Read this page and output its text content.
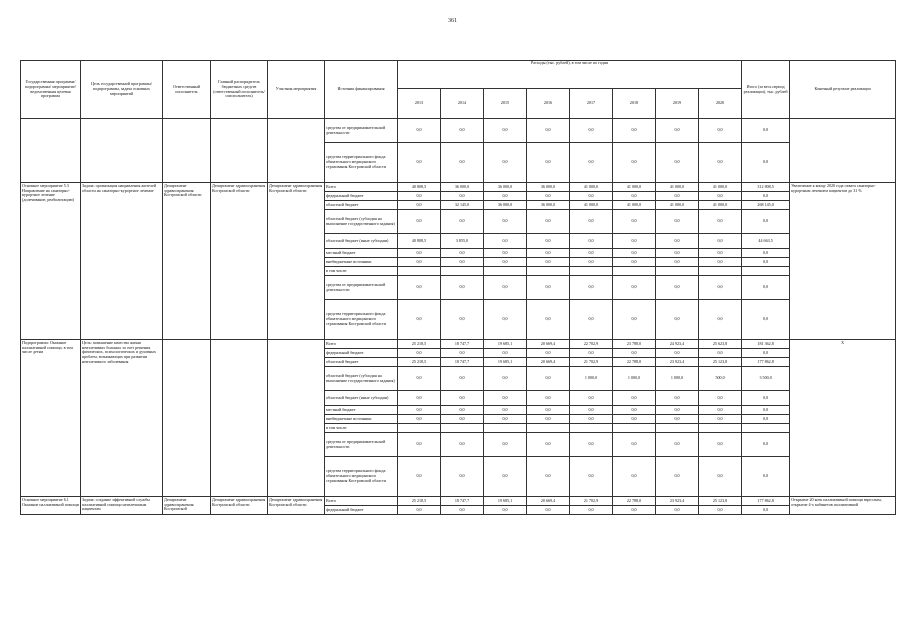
361
Государственная программа/подпрограмма/ мероприятие/ ведомственная целевая программа	Цель государственной программы/подпрограммы, задача основных мероприятий	Ответственный исполнитель	Главный распорядитель бюджетных средств (ответственный исполнитель/ соисполнитель)	Участник мероприятия	Источник финансирования	Расходы (тыс. рублей), в том числе по годам								Итого (за весь период реализации), тыс. рублей	Конечный результат реализации
						2013	2014	2015	2016	2017	2018	2019	2020		
					средства от предпринимательской деятельности	0,0	0,0	0,0	0,0	0,0	0,0	0,0	0,0	0,0	
					средства территориального фонда обязательного медицинского страхования Костромской области	0,0	0,0	0,0	0,0	0,0	0,0	0,0	0,0	0,0	
Основное мероприятие 5.3 Направление на санаторно-курортное лечение (долечивание, реабилитацию)	Задача: организация направления жителей области на санаторно-курортное лечение	Департамент здравоохранения Костромской области	Департамент здравоохранения Костромской области	Департамент здравоохранения Костромской области	Всего	40 808,5	36 000,0	36 000,0	36 000,0	41 000,0	41 000,0	41 000,0	41 000,0	312 808,5	Увеличение к концу 2020 года охвата санаторно-курортным лечением пациентов до 31 %
					федеральный бюджет	0,0	0,0	0,0	0,0	0,0	0,0	0,0	0,0	0,0	
					областной бюджет	0,0	32 145,0	36 000,0	36 000,0	41 000,0	41 000,0	41 000,0	41 000,0	268 145,0	
					областной бюджет (субсидия на выполнение государственного задания)	0,0	0,0	0,0	0,0	0,0	0,0	0,0	0,0	0,0	
					областной бюджет (иные субсидии)	40 808,5	3 855,0	0,0	0,0	0,0	0,0	0,0	0,0	44 663,5	
					местный бюджет	0,0	0,0	0,0	0,0	0,0	0,0	0,0	0,0	0,0	
					внебюджетные источники	0,0	0,0	0,0	0,0	0,0	0,0	0,0	0,0	0,0	
					в том числе:										
					средства от предпринимательской деятельности	0,0	0,0	0,0	0,0	0,0	0,0	0,0	0,0	0,0	
					средства территориального фонда обязательного медицинского страхования Костромской области	0,0	0,0	0,0	0,0	0,0	0,0	0,0	0,0	0,0	
Подпрограмма: Оказание паллиативной помощи, в том числе детям	Цель: повышение качества жизни неизлечимых больных за счет решения физических, психологических и духовных проблем, возникающих при развитии неизлечимого заболевания				Всего	25 218,5	18 747,7	19 685,1	20 669,4	22 702,9	23 788,0	24 923,4	25 623,8	181 362,8	Х
					федеральный бюджет	0,0	0,0	0,0	0,0	0,0	0,0	0,0	0,0	0,0	
					областной бюджет	25 218,5	18 747,7	19 685,1	20 669,4	21 702,9	22 788,0	23 923,4	25 123,8	177 862,8	
					областной бюджет (субсидия на выполнение государственного задания)	0,0	0,0	0,0	0,0	1 000,0	1 000,0	1 000,0	500,0	3 500,0	
					областной бюджет (иные субсидии)	0,0	0,0	0,0	0,0	0,0	0,0	0,0	0,0	0,0	
					местный бюджет	0,0	0,0	0,0	0,0	0,0	0,0	0,0	0,0	0,0	
					внебюджетные источники	0,0	0,0	0,0	0,0	0,0	0,0	0,0	0,0	0,0	
					в том числе:										
					средства от предпринимательской деятельности	0,0	0,0	0,0	0,0	0,0	0,0	0,0	0,0	0,0	
					средства территориального фонда обязательного медицинского страхования Костромской области	0,0	0,0	0,0	0,0	0,0	0,0	0,0	0,0	0,0	
Основное мероприятие 6.1 Оказание паллиативной помощи	Задача: создание эффективной службы паллиативной помощи неизлечимым пациентам	Департамент здравоохранения Костромской	Департамент здравоохранения Костромской области	Департамент здравоохранения Костромской области	Всего	25 218,5	18 747,7	19 685,1	20 669,4	21 702,9	22 788,0	23 923,4	25 123,8	177 862,8	Открытие 20 коек паллиативной помощи взрослым, открытие 4-х кабинетов паллиативной
					федеральный бюджет	0,0	0,0	0,0	0,0	0,0	0,0	0,0	0,0	0,0	
